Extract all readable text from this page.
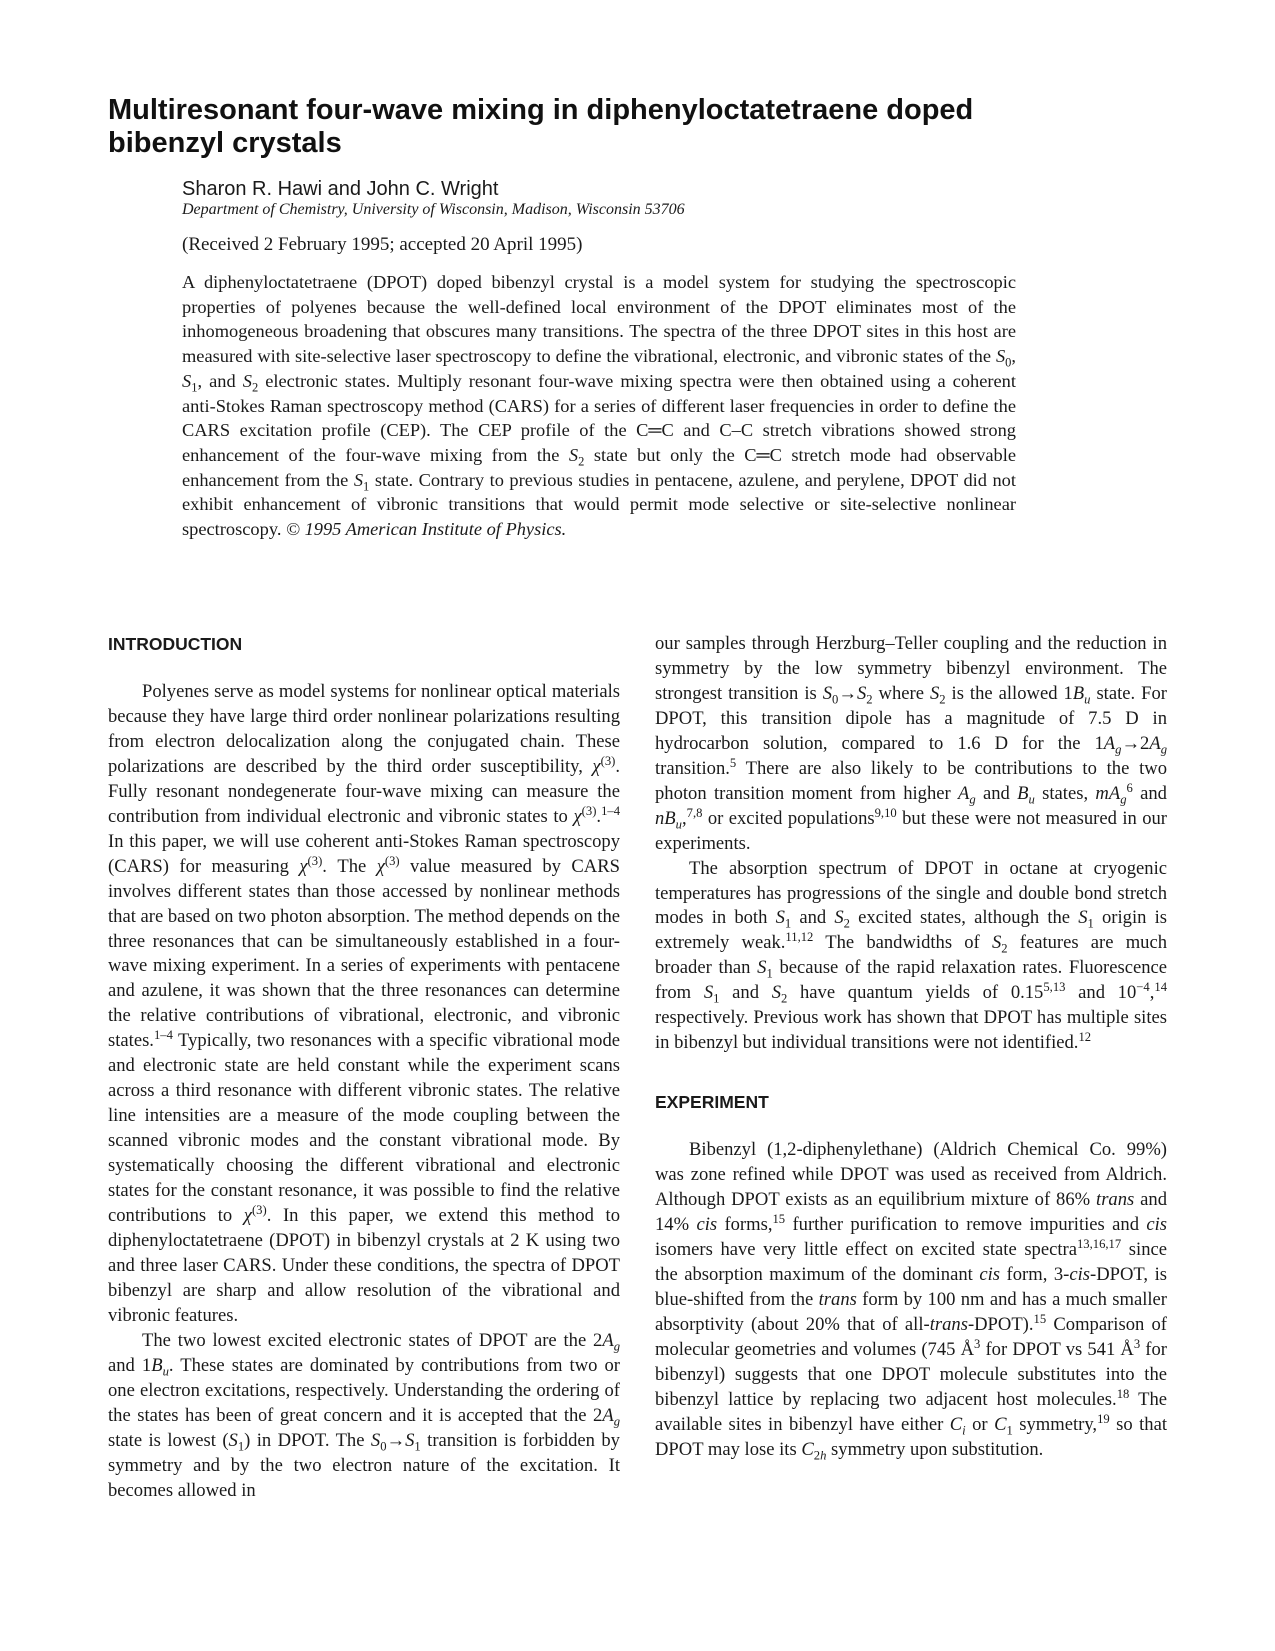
Multiresonant four-wave mixing in diphenyloctatetraene doped bibenzyl crystals
Sharon R. Hawi and John C. Wright
Department of Chemistry, University of Wisconsin, Madison, Wisconsin 53706
(Received 2 February 1995; accepted 20 April 1995)

A diphenyloctatetraene (DPOT) doped bibenzyl crystal is a model system for studying the spectroscopic properties of polyenes because the well-defined local environment of the DPOT eliminates most of the inhomogeneous broadening that obscures many transitions. The spectra of the three DPOT sites in this host are measured with site-selective laser spectroscopy to define the vibrational, electronic, and vibronic states of the $S_0$, $S_1$, and $S_2$ electronic states. Multiply resonant four-wave mixing spectra were then obtained using a coherent anti-Stokes Raman spectroscopy method (CARS) for a series of different laser frequencies in order to define the CARS excitation profile (CEP). The CEP profile of the C═C and C–C stretch vibrations showed strong enhancement of the four-wave mixing from the $S_2$ state but only the C═C stretch mode had observable enhancement from the $S_1$ state. Contrary to previous studies in pentacene, azulene, and perylene, DPOT did not exhibit enhancement of vibronic transitions that would permit mode selective or site-selective nonlinear spectroscopy. © 1995 American Institute of Physics.

INTRODUCTION

Polyenes serve as model systems for nonlinear optical materials because they have large third order nonlinear polarizations resulting from electron delocalization along the conjugated chain. These polarizations are described by the third order susceptibility, $\chi^{(3)}$. Fully resonant nondegenerate four-wave mixing can measure the contribution from individual electronic and vibronic states to $\chi^{(3)}.^{1-4}$ In this paper, we will use coherent anti-Stokes Raman spectroscopy (CARS) for measuring $\chi^{(3)}$. The $\chi^{(3)}$ value measured by CARS involves different states than those accessed by nonlinear methods that are based on two photon absorption. The method depends on the three resonances that can be simultaneously established in a four-wave mixing experiment. In a series of experiments with pentacene and azulene, it was shown that the three resonances can determine the relative contributions of vibrational, electronic, and vibronic states.$^{1-4}$ Typically, two resonances with a specific vibrational mode and electronic state are held constant while the experiment scans across a third resonance with different vibronic states. The relative line intensities are a measure of the mode coupling between the scanned vibronic modes and the constant vibrational mode. By systematically choosing the different vibrational and electronic states for the constant resonance, it was possible to find the relative contributions to $\chi^{(3)}$. In this paper, we extend this method to diphenyloctatetraene (DPOT) in bibenzyl crystals at 2 K using two and three laser CARS. Under these conditions, the spectra of DPOT bibenzyl are sharp and allow resolution of the vibrational and vibronic features.

The two lowest excited electronic states of DPOT are the $2A_g$ and $1B_u$. These states are dominated by contributions from two or one electron excitations, respectively. Understanding the ordering of the states has been of great concern and it is accepted that the $2A_g$ state is lowest $(S_1)$ in DPOT. The $S_0\to S_1$ transition is forbidden by symmetry and by the two electron nature of the excitation. It becomes allowed in

our samples through Herzburg–Teller coupling and the reduction in symmetry by the low symmetry bibenzyl environment. The strongest transition is $S_0\to S_2$ where $S_2$ is the allowed $1B_u$ state. For DPOT, this transition dipole has a magnitude of 7.5 D in hydrocarbon solution, compared to 1.6 D for the $1A_g\to 2A_g$ transition.$^5$ There are also likely to be contributions to the two photon transition moment from higher $A_g$ and $B_u$ states, $mA_g^6$ and $nB_u,^{7,8}$ or excited populations$^{9,10}$ but these were not measured in our experiments.

The absorption spectrum of DPOT in octane at cryogenic temperatures has progressions of the single and double bond stretch modes in both $S_1$ and $S_2$ excited states, although the $S_1$ origin is extremely weak.$^{11,12}$ The bandwidths of $S_2$ features are much broader than $S_1$ because of the rapid relaxation rates. Fluorescence from $S_1$ and $S_2$ have quantum yields of 0.15$^{5,13}$ and $10^{-4},^{14}$ respectively. Previous work has shown that DPOT has multiple sites in bibenzyl but individual transitions were not identified.$^{12}$

EXPERIMENT

Bibenzyl (1,2-diphenylethane) (Aldrich Chemical Co. 99%) was zone refined while DPOT was used as received from Aldrich. Although DPOT exists as an equilibrium mixture of 86% trans and 14% cis forms,$^{15}$ further purification to remove impurities and cis isomers have very little effect on excited state spectra$^{13,16,17}$ since the absorption maximum of the dominant cis form, 3-cis-DPOT, is blue-shifted from the trans form by 100 nm and has a much smaller absorptivity (about 20% that of all-trans-DPOT).$^{15}$ Comparison of molecular geometries and volumes (745 $Å^3$ for DPOT vs 541 $Å^3$ for bibenzyl) suggests that one DPOT molecule substitutes into the bibenzyl lattice by replacing two adjacent host molecules.$^{18}$ The available sites in bibenzyl have either $C_i$ or $C_1$ symmetry,$^{19}$ so that DPOT may lose its $C_{2h}$ symmetry upon substitution.
